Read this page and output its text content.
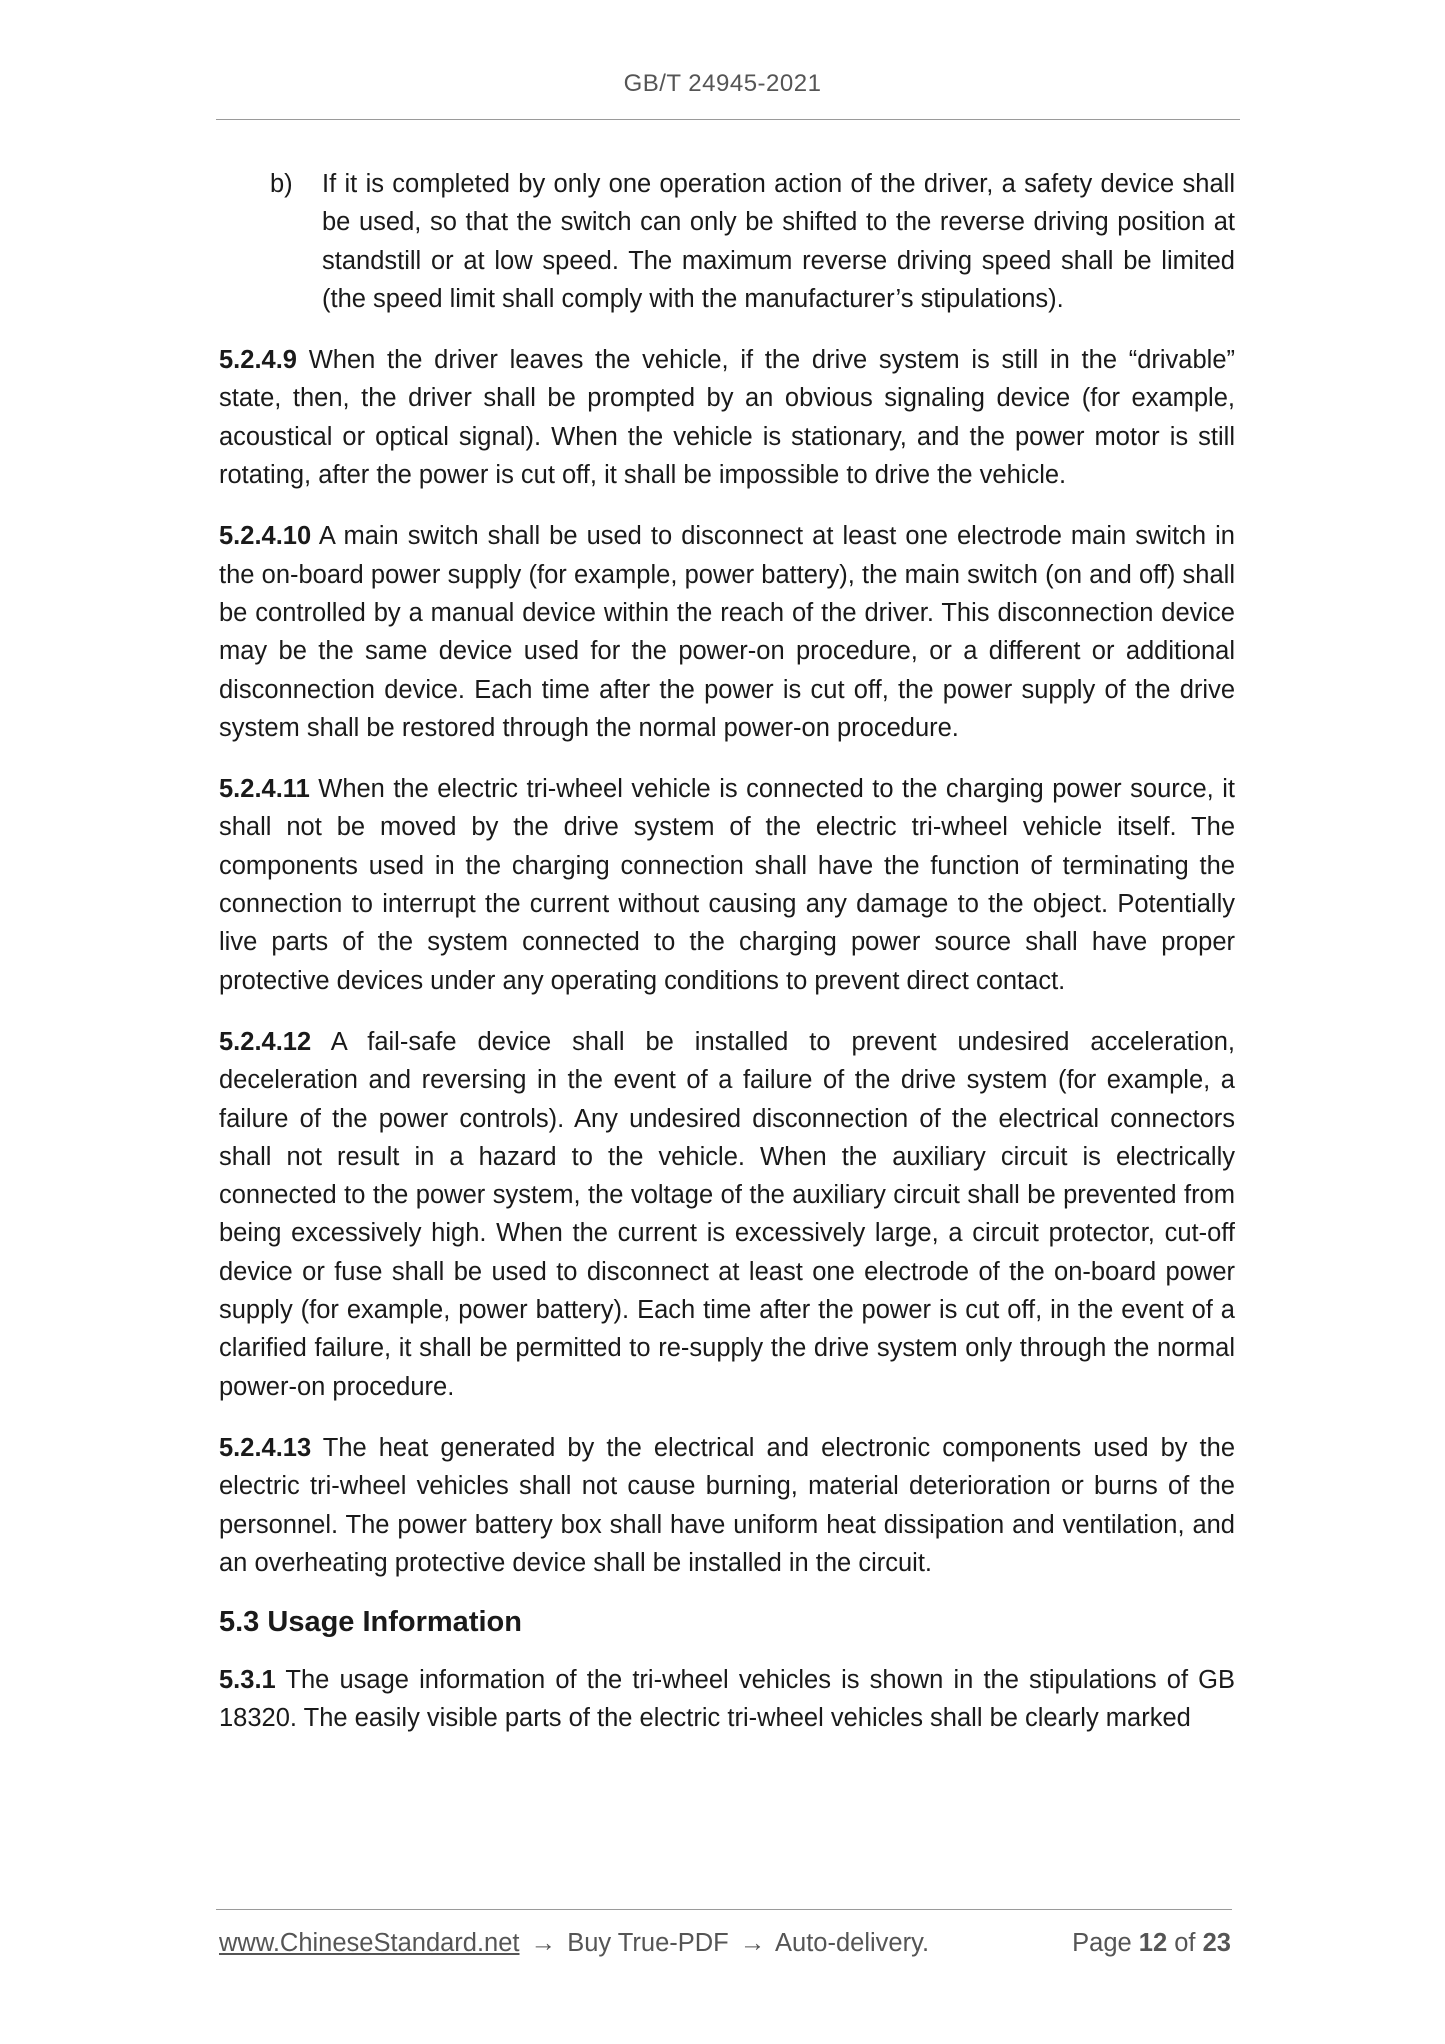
GB/T 24945-2021
b)	If it is completed by only one operation action of the driver, a safety device shall be used, so that the switch can only be shifted to the reverse driving position at standstill or at low speed. The maximum reverse driving speed shall be limited (the speed limit shall comply with the manufacturer’s stipulations).

5.2.4.9 When the driver leaves the vehicle, if the drive system is still in the “drivable” state, then, the driver shall be prompted by an obvious signaling device (for example, acoustical or optical signal). When the vehicle is stationary, and the power motor is still rotating, after the power is cut off, it shall be impossible to drive the vehicle.

5.2.4.10 A main switch shall be used to disconnect at least one electrode main switch in the on-board power supply (for example, power battery), the main switch (on and off) shall be controlled by a manual device within the reach of the driver. This disconnection device may be the same device used for the power-on procedure, or a different or additional disconnection device. Each time after the power is cut off, the power supply of the drive system shall be restored through the normal power-on procedure.

5.2.4.11 When the electric tri-wheel vehicle is connected to the charging power source, it shall not be moved by the drive system of the electric tri-wheel vehicle itself. The components used in the charging connection shall have the function of terminating the connection to interrupt the current without causing any damage to the object. Potentially live parts of the system connected to the charging power source shall have proper protective devices under any operating conditions to prevent direct contact.

5.2.4.12 A fail-safe device shall be installed to prevent undesired acceleration, deceleration and reversing in the event of a failure of the drive system (for example, a failure of the power controls). Any undesired disconnection of the electrical connectors shall not result in a hazard to the vehicle. When the auxiliary circuit is electrically connected to the power system, the voltage of the auxiliary circuit shall be prevented from being excessively high. When the current is excessively large, a circuit protector, cut-off device or fuse shall be used to disconnect at least one electrode of the on-board power supply (for example, power battery). Each time after the power is cut off, in the event of a clarified failure, it shall be permitted to re-supply the drive system only through the normal power-on procedure.

5.2.4.13 The heat generated by the electrical and electronic components used by the electric tri-wheel vehicles shall not cause burning, material deterioration or burns of the personnel. The power battery box shall have uniform heat dissipation and ventilation, and an overheating protective device shall be installed in the circuit.

5.3 Usage Information

5.3.1 The usage information of the tri-wheel vehicles is shown in the stipulations of GB 18320. The easily visible parts of the electric tri-wheel vehicles shall be clearly marked

www.ChineseStandard.net → Buy True-PDF → Auto-delivery.	Page 12 of 23
